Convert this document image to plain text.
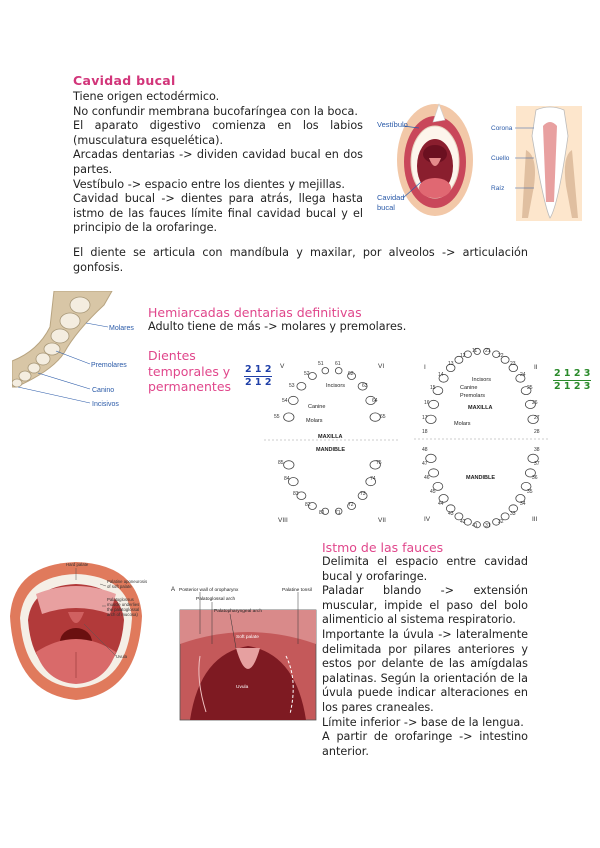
Cavidad bucal
Tiene origen ectodérmico.
No confundir membrana bucofaríngea con la boca.
El aparato digestivo comienza en los labios (musculatura esquelética).
Arcadas dentarias -> dividen cavidad bucal en dos partes.
Vestíbulo -> espacio entre los dientes y mejillas.
Cavidad bucal -> dientes para atrás, llega hasta istmo de las fauces límite final cavidad bucal y el principio de la orofaringe.
El diente se articula con mandíbula y maxilar, por alveolos -> articulación gonfosis.
Vestíbulo
Cavidad
bucal
Corona
Cuello
Raíz
Molares
Premolares
Canino
Incisivos
Hemiarcadas dentarias definitivas
Adulto tiene de más -> molares y premolares.
Dientes
temporales y
permanentes
2 1 2
2 1 2
2 1 2 3
2 1 2 3
V	VI
VIII	VII
51 61
52	62
53	63
54	64
55	65
81 71
82	72
83	73
84	74
85	75
Incisors
Canine
Molars
MAXILLA
MANDIBLE
I	II
IV	III
11 21
12	22
13	23
14	24
15	25
16	26
17	27
18	28
41 31
42	32
43	33
44	34
45	35
46	36
47	37
48	38
Incisors
Canine
Premolars
Molars
MAXILLA
MANDIBLE
Hard palate
Palatine aponeurosis
of soft palate
Palatoglossus
muscle underlies
the palatoglossal
arch of mucosa)
Uvula
A Posterior wall of oropharynx
Palatoglossal arch
Palatopharyngeal arch
Palatine tonsil
Soft palate
Uvula
Istmo de las fauces
Delimita el espacio entre cavidad bucal y orofaringe.
Paladar blando -> extensión muscular, impide el paso del bolo alimenticio al sistema respiratorio.
Importante la úvula -> lateralmente delimitada por pilares anteriores y estos por delante de las amígdalas palatinas. Según la orientación de la úvula puede indicar alteraciones en los pares craneales.
Límite inferior -> base de la lengua.
A partir de orofaringe -> intestino anterior.
